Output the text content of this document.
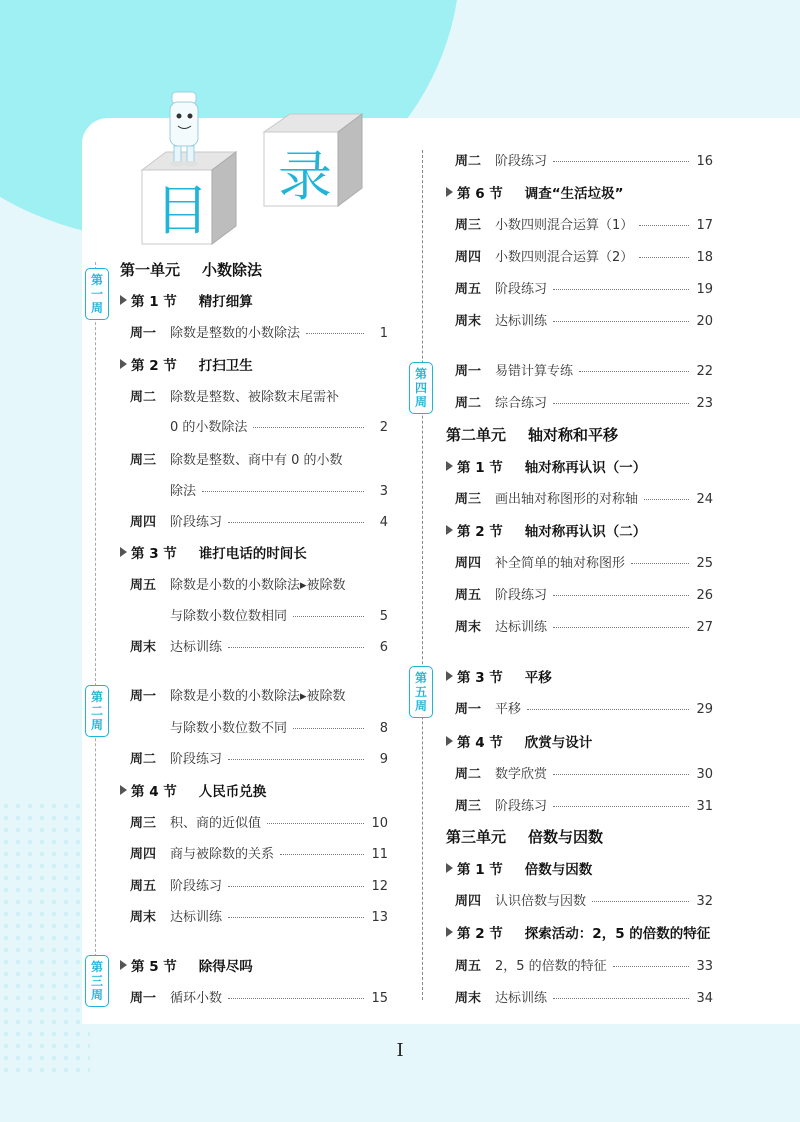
目
录
第
一
周
第
二
周
第
三
周
第
四
周
第
五
周
第一单元 小数除法
第 1 节 精打细算
周一	除数是整数的小数除法	1
第 2 节 打扫卫生
周二	除数是整数、被除数末尾需补
0 的小数除法	2
周三	除数是整数、商中有 0 的小数
除法	3
周四	阶段练习	4
第 3 节 谁打电话的时间长
周五	除数是小数的小数除法▸被除数
与除数小数位数相同	5
周末	达标训练	6
周一	除数是小数的小数除法▸被除数
与除数小数位数不同	8
周二	阶段练习	9
第 4 节 人民币兑换
周三	积、商的近似值	10
周四	商与被除数的关系	11
周五	阶段练习	12
周末	达标训练	13
第 5 节 除得尽吗
周一	循环小数	15
周二	阶段练习	16
第 6 节 调查“生活垃圾”
周三	小数四则混合运算（1）	17
周四	小数四则混合运算（2）	18
周五	阶段练习	19
周末	达标训练	20
周一	易错计算专练	22
周二	综合练习	23
第二单元 轴对称和平移
第 1 节 轴对称再认识（一）
周三	画出轴对称图形的对称轴	24
第 2 节 轴对称再认识（二）
周四	补全简单的轴对称图形	25
周五	阶段练习	26
周末	达标训练	27
第 3 节 平移
周一	平移	29
第 4 节 欣赏与设计
周二	数学欣赏	30
周三	阶段练习	31
第三单元 倍数与因数
第 1 节 倍数与因数
周四	认识倍数与因数	32
第 2 节 探索活动：2，5 的倍数的特征
周五	2，5 的倍数的特征	33
周末	达标训练	34
I
